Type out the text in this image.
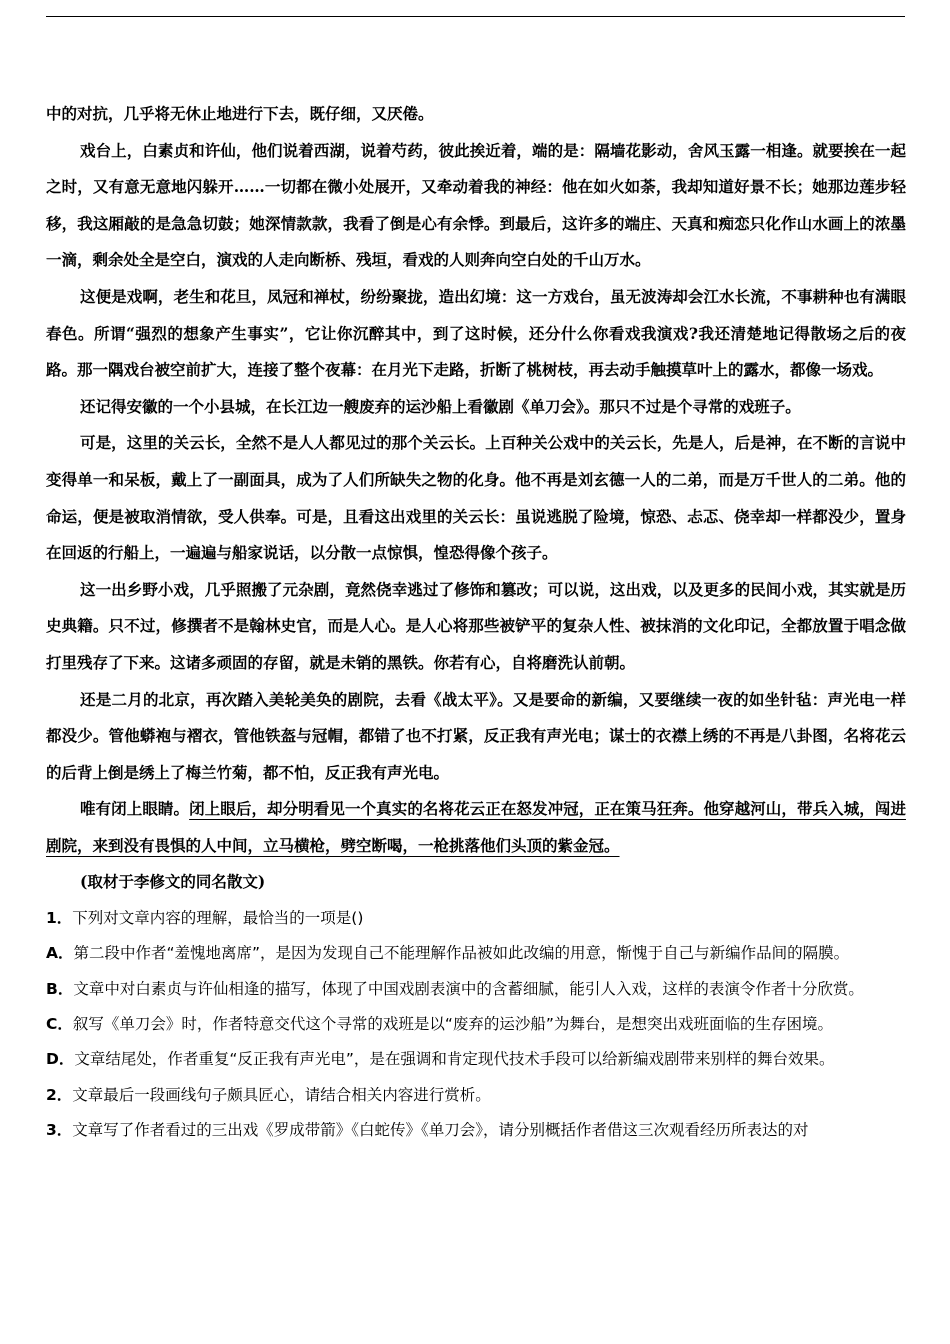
中的对抗，几乎将无休止地进行下去，既仔细，又厌倦。

戏台上，白素贞和许仙，他们说着西湖，说着芍药，彼此挨近着，端的是：隔墙花影动，舍风玉露一相逢。就要挨在一起之时，又有意无意地闪躲开……一切都在微小处展开，又牵动着我的神经：他在如火如荼，我却知道好景不长；她那边莲步轻移，我这厢敲的是急急切鼓；她深情款款，我看了倒是心有余悸。到最后，这许多的端庄、天真和痴恋只化作山水画上的浓墨一滴，剩余处全是空白，演戏的人走向断桥、残垣，看戏的人则奔向空白处的千山万水。

这便是戏啊，老生和花旦，凤冠和禅杖，纷纷聚拢，造出幻境：这一方戏台，虽无波涛却会江水长流，不事耕种也有满眼春色。所谓“强烈的想象产生事实”，它让你沉醉其中，到了这时候，还分什么你看戏我演戏?我还清楚地记得散场之后的夜路。那一隅戏台被空前扩大，连接了整个夜幕：在月光下走路，折断了桃树枝，再去动手触摸草叶上的露水，都像一场戏。

还记得安徽的一个小县城，在长江边一艘废弃的运沙船上看徽剧《单刀会》。那只不过是个寻常的戏班子。

可是，这里的关云长，全然不是人人都见过的那个关云长。上百种关公戏中的关云长，先是人，后是神，在不断的言说中变得单一和呆板，戴上了一副面具，成为了人们所缺失之物的化身。他不再是刘玄德一人的二弟，而是万千世人的二弟。他的命运，便是被取消情欲，受人供奉。可是，且看这出戏里的关云长：虽说逃脱了险境，惊恐、忐忑、侥幸却一样都没少，置身在回返的行船上，一遍遍与船家说话，以分散一点惊惧，惶恐得像个孩子。

这一出乡野小戏，几乎照搬了元杂剧，竟然侥幸逃过了修饰和篡改；可以说，这出戏，以及更多的民间小戏，其实就是历史典籍。只不过，修撰者不是翰林史官，而是人心。是人心将那些被铲平的复杂人性、被抹消的文化印记，全都放置于唱念做打里残存了下来。这诸多顽固的存留，就是未销的黑铁。你若有心，自将磨洗认前朝。

还是二月的北京，再次踏入美轮美奂的剧院，去看《战太平》。又是要命的新编，又要继续一夜的如坐针毡：声光电一样都没少。管他蟒袍与褶衣，管他铁盔与冠帽，都错了也不打紧，反正我有声光电；谋士的衣襟上绣的不再是八卦图，名将花云的后背上倒是绣上了梅兰竹菊，都不怕，反正我有声光电。

唯有闭上眼睛。闭上眼后，却分明看见一个真实的名将花云正在怒发冲冠，正在策马狂奔。他穿越河山，带兵入城，闯进剧院，来到没有畏惧的人中间，立马横枪，劈空断喝，一枪挑落他们头顶的紫金冠。

(取材于李修文的同名散文)

1．下列对文章内容的理解，最恰当的一项是()

A．第二段中作者“羞愧地离席”，是因为发现自己不能理解作品被如此改编的用意，惭愧于自己与新编作品间的隔膜。

B．文章中对白素贞与许仙相逢的描写，体现了中国戏剧表演中的含蓄细腻，能引人入戏，这样的表演令作者十分欣赏。

C．叙写《单刀会》时，作者特意交代这个寻常的戏班是以“废弃的运沙船”为舞台，是想突出戏班面临的生存困境。

D．文章结尾处，作者重复“反正我有声光电”，是在强调和肯定现代技术手段可以给新编戏剧带来别样的舞台效果。

2．文章最后一段画线句子颇具匠心，请结合相关内容进行赏析。

3．文章写了作者看过的三出戏《罗成带箭》《白蛇传》《单刀会》，请分别概括作者借这三次观看经历所表达的对
